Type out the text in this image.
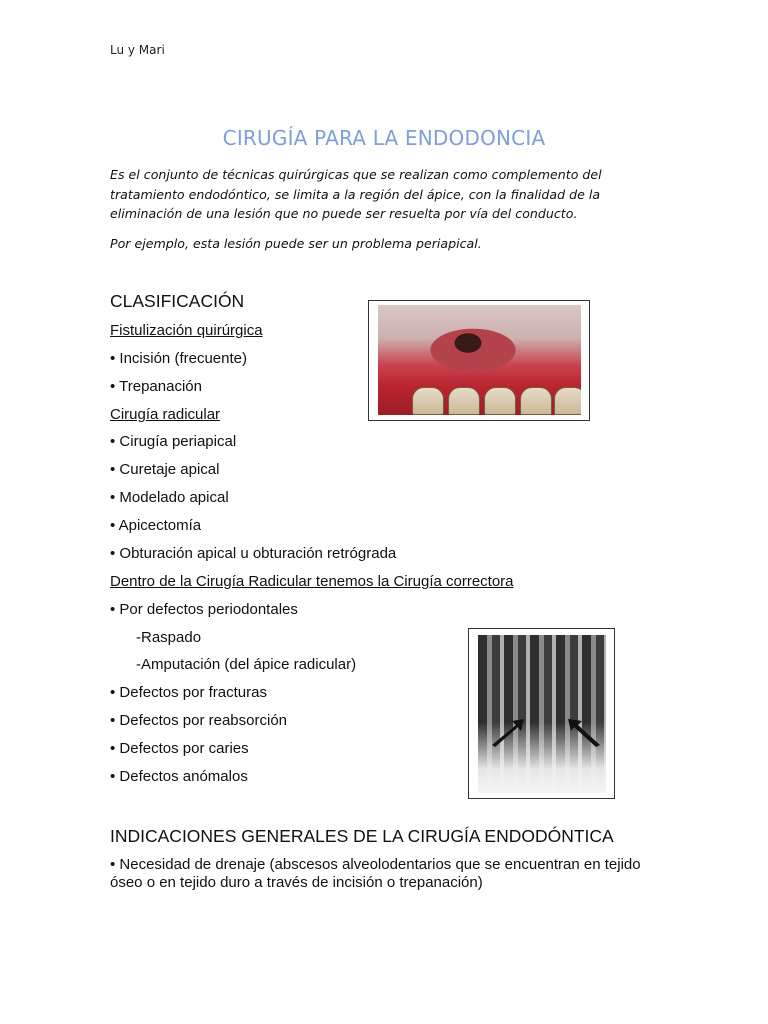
Lu y Mari
CIRUGÍA PARA LA ENDODONCIA

Es el conjunto de técnicas quirúrgicas que se realizan como complemento del tratamiento endodóntico, se limita a la región del ápice, con la finalidad de la eliminación de una lesión que no puede ser resuelta por vía del conducto.

Por ejemplo, esta lesión puede ser un problema periapical.

CLASIFICACIÓN
Fistulización quirúrgica
• Incisión (frecuente)
• Trepanación
Cirugía radicular
• Cirugía periapical
• Curetaje apical
• Modelado apical
• Apicectomía
• Obturación apical u obturación retrógrada
Dentro de la Cirugía Radicular tenemos la Cirugía correctora
• Por defectos periodontales
-Raspado
-Amputación (del ápice radicular)
• Defectos por fracturas
• Defectos por reabsorción
• Defectos por caries
• Defectos anómalos
INDICACIONES GENERALES DE LA CIRUGÍA ENDODÓNTICA
• Necesidad de drenaje (abscesos alveolodentarios que se encuentran en tejido óseo o en tejido duro a través de incisión o trepanación)
